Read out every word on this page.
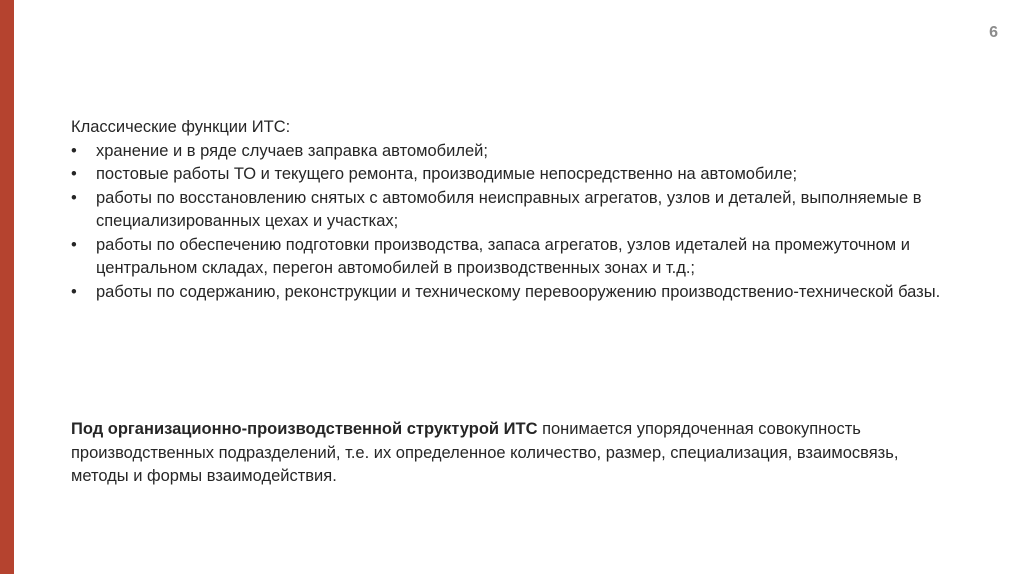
6

Классические функции ИТС:

• хранение и в ряде случаев заправка автомобилей;
• постовые работы ТО и текущего ремонта, производимые непосредственно на автомобиле;
• работы по восстановлению снятых с автомобиля неисправных агрегатов, узлов и деталей, выполняемые в специализированных цехах и участках;
• работы по обеспечению подготовки производства, запаса агрегатов, узлов идеталей на промежуточном и центральном складах, перегон автомобилей в производственных зонах и т.д.;
• работы по содержанию, реконструкции и техническому перевооружению производственио-технической базы.

Под организационно-производственной структурой ИТС понимается упорядоченная совокупность производственных подразделений, т.е. их определенное количество, размер, специализация, взаимосвязь, методы и формы взаимодействия.
